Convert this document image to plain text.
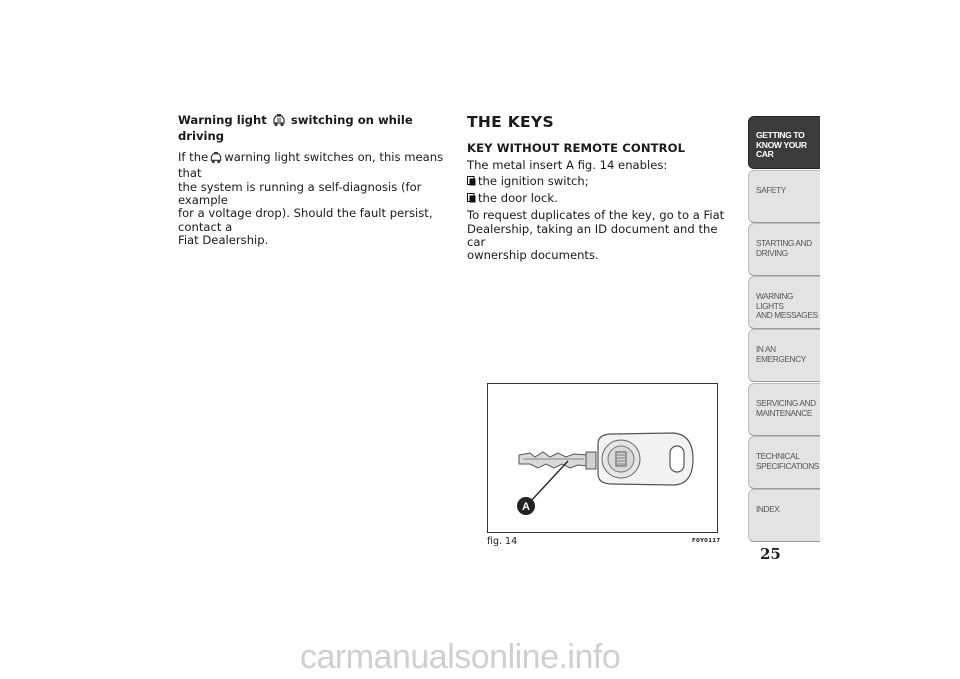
Warning light switching on while driving

If the warning light switches on, this means that
the system is running a self-diagnosis (for example
for a voltage drop). Should the fault persist, contact a
Fiat Dealership.

THE KEYS
KEY WITHOUT REMOTE CONTROL

The metal insert A fig. 14 enables:

the ignition switch;
the door lock.

To request duplicates of the key, go to a Fiat
Dealership, taking an ID document and the car
ownership documents.

A
fig. 14	F0Y0117
GETTING TO
KNOW YOUR CAR
SAFETY
STARTING AND
DRIVING
WARNING LIGHTS
AND MESSAGES
IN AN EMERGENCY
SERVICING AND
MAINTENANCE
TECHNICAL
SPECIFICATIONS
INDEX
25
carmanualsonline.info
